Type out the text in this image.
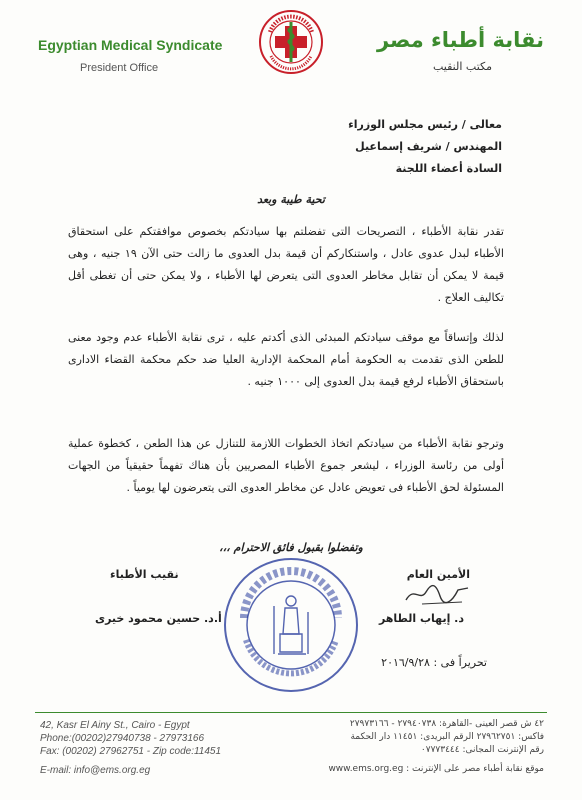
Egyptian Medical Syndicate
President Office
نقابة أطباء مصر
مكتب النقيب
معالى / رئيس مجلس الوزراء
المهندس / شريف إسماعيل
السادة أعضاء اللجنة
تحية طيبة وبعد
تقدر نقابة الأطباء ، التصريحات التى تفضلتم بها سيادتكم بخصوص موافقتكم على استحقاق الأطباء لبدل عدوى عادل ، واستنكاركم أن قيمة بدل العدوى ما زالت حتى الآن ١٩ جنيه ، وهى قيمة لا يمكن أن تقابل مخاطر العدوى التى يتعرض لها الأطباء ، ولا يمكن حتى أن تغطى أقل تكاليف العلاج .
لذلك وإتساقاً مع موقف سيادتكم المبدئى الذى أكدتم عليه ، ترى نقابة الأطباء عدم وجود معنى للطعن الذى تقدمت به الحكومة أمام المحكمة الإدارية العليا ضد حكم محكمة القضاء الادارى باستحقاق الأطباء لرفع قيمة بدل العدوى إلى ١٠٠٠ جنيه .
وترجو نقابة الأطباء من سيادتكم اتخاذ الخطوات اللازمة للتنازل عن هذا الطعن ، كخطوة عملية أولى من رئاسة الوزراء ، ليشعر جموع الأطباء المصريين بأن هناك تفهماً حقيقياً من الجهات المسئولة لحق الأطباء فى تعويض عادل عن مخاطر العدوى التى يتعرضون لها يومياً .
وتفضلوا بقبول فائق الاحترام ،،،
الأمين العام
د. إيهاب الطاهر
نقيب الأطباء
أ.د. حسين محمود خيرى
تحريراً فى : ٢٠١٦/٩/٢٨
42, Kasr El Ainy St., Cairo - Egypt
Phone:(00202)27940738 - 27973166
Fax: (00202) 27962751 - Zip code:11451
E-mail: info@ems.org.eg
٤٢ ش قصر العينى -القاهرة: ٢٧٩٤٠٧٣٨ - ٢٧٩٧٣١٦٦
فاكس: ٢٧٩٦٢٧٥١ الرقم البريدى: ١١٤٥١ دار الحكمة
رقم الإنترنت المجانى: ٠٧٧٧٣٤٤٤
موقع نقابة أطباء مصر على الإنترنت : www.ems.org.eg
